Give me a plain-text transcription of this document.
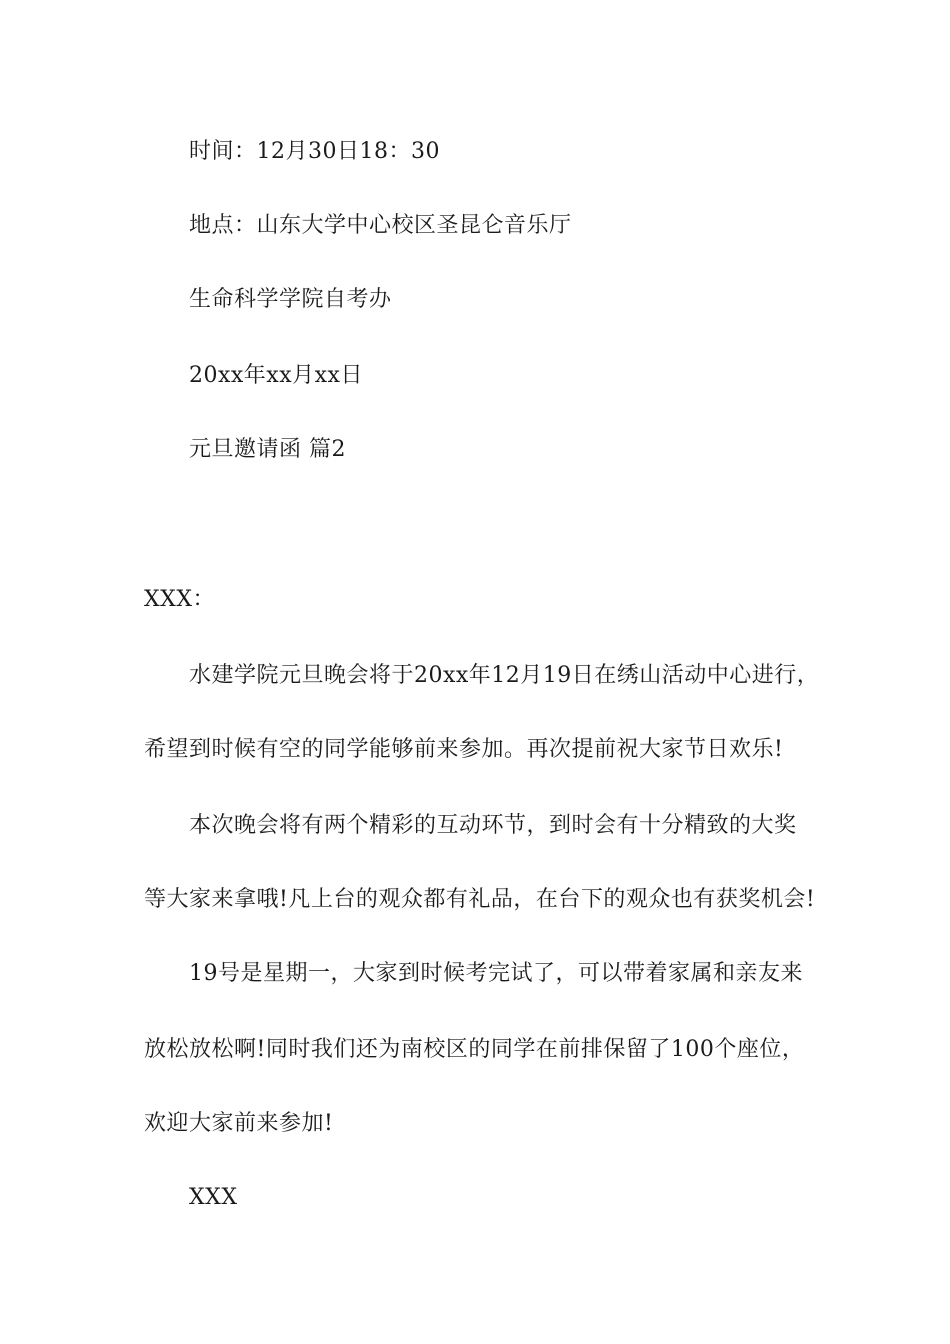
时间：12月30日18：30
地点：山东大学中心校区圣昆仑音乐厅
生命科学学院自考办
20xx年xx月xx日
元旦邀请函 篇2
XXX：
水建学院元旦晚会将于20xx年12月19日在绣山活动中心进行，
希望到时候有空的同学能够前来参加。再次提前祝大家节日欢乐!
本次晚会将有两个精彩的互动环节，到时会有十分精致的大奖
等大家来拿哦!凡上台的观众都有礼品，在台下的观众也有获奖机会!
19号是星期一，大家到时候考完试了，可以带着家属和亲友来
放松放松啊!同时我们还为南校区的同学在前排保留了100个座位，
欢迎大家前来参加!
XXX
